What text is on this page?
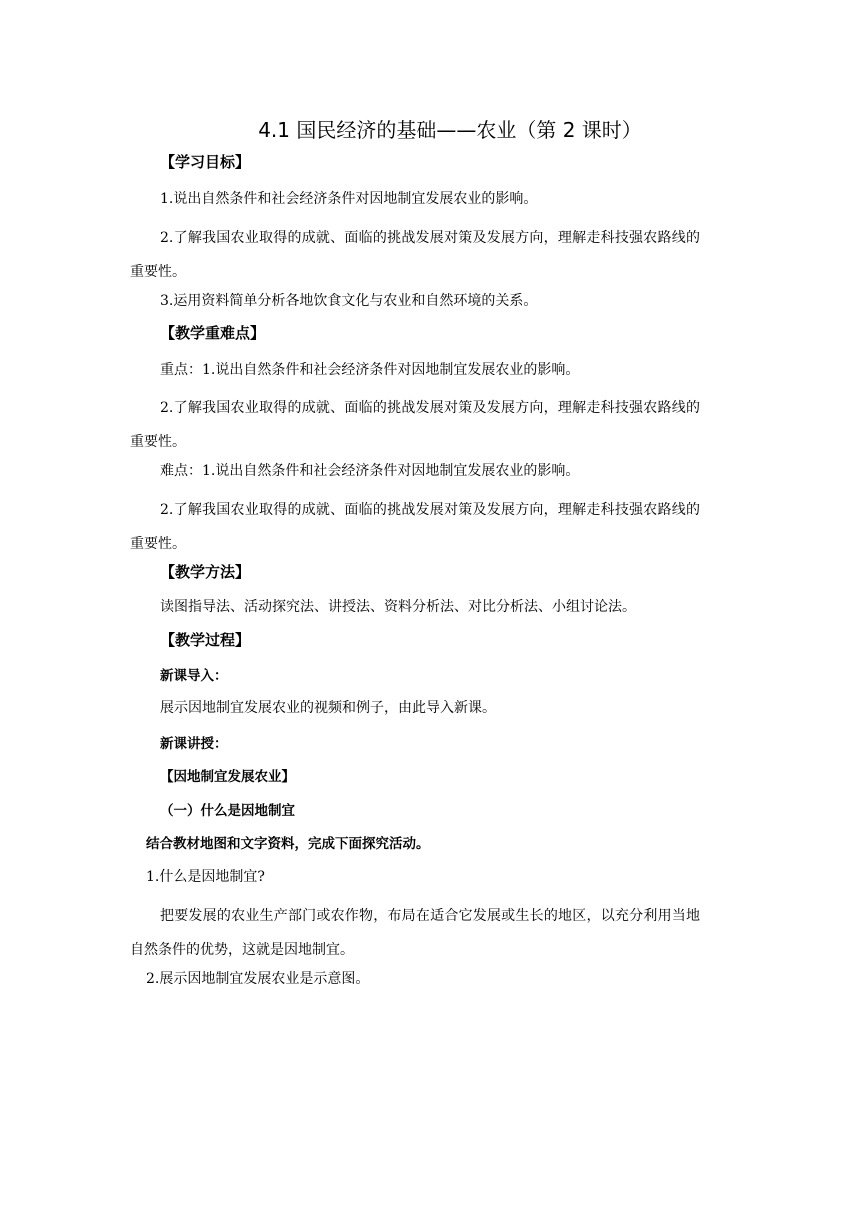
4.1 国民经济的基础——农业（第 2 课时）
【学习目标】
1.说出自然条件和社会经济条件对因地制宜发展农业的影响。
2.了解我国农业取得的成就、面临的挑战发展对策及发展方向，理解走科技强农路线的重要性。
3.运用资料简单分析各地饮食文化与农业和自然环境的关系。
【教学重难点】
重点：1.说出自然条件和社会经济条件对因地制宜发展农业的影响。
2.了解我国农业取得的成就、面临的挑战发展对策及发展方向，理解走科技强农路线的重要性。
难点：1.说出自然条件和社会经济条件对因地制宜发展农业的影响。
2.了解我国农业取得的成就、面临的挑战发展对策及发展方向，理解走科技强农路线的重要性。
【教学方法】
读图指导法、活动探究法、讲授法、资料分析法、对比分析法、小组讨论法。
【教学过程】
新课导入：
展示因地制宜发展农业的视频和例子，由此导入新课。
新课讲授：
【因地制宜发展农业】
（一）什么是因地制宜
结合教材地图和文字资料，完成下面探究活动。
1.什么是因地制宜?
把要发展的农业生产部门或农作物，布局在适合它发展或生长的地区，以充分利用当地自然条件的优势，这就是因地制宜。
2.展示因地制宜发展农业是示意图。
